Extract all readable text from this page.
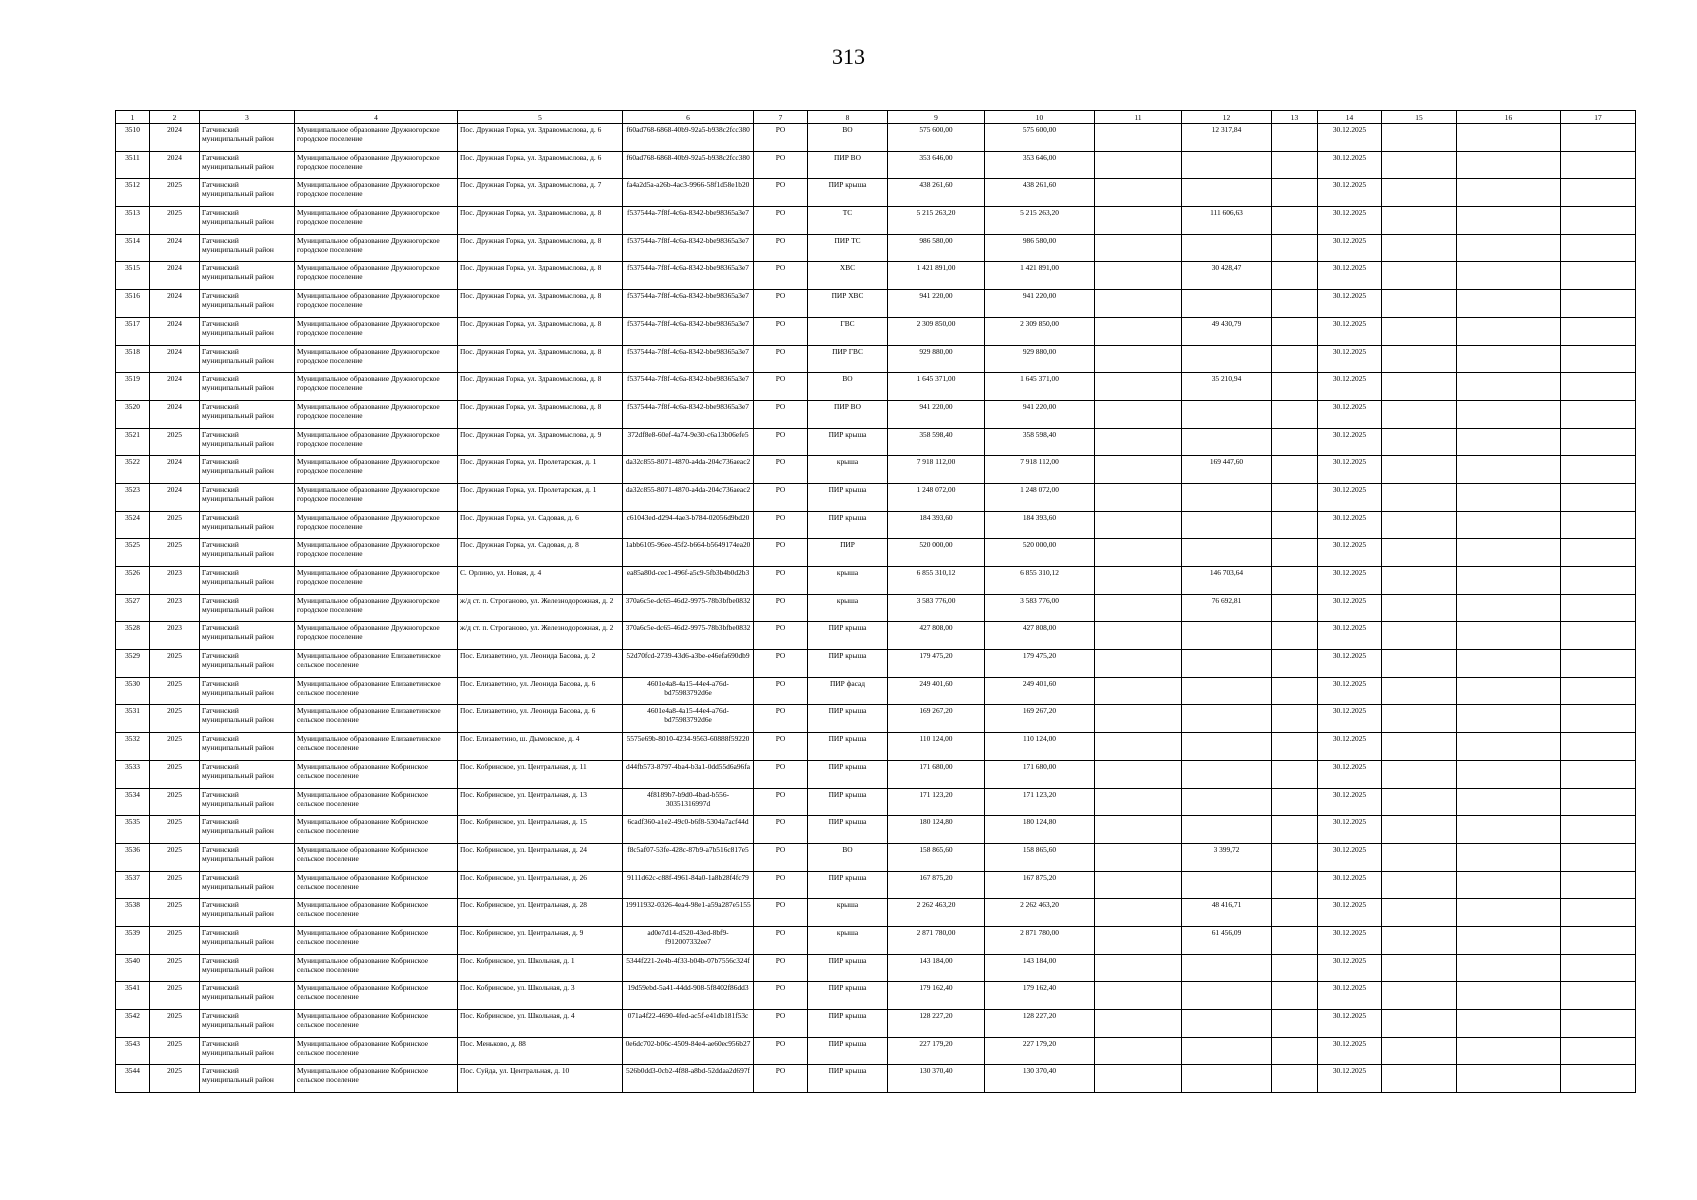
313
1	2	3	4	5	6	7	8	9	10	11	12	13	14	15	16	17
3510	2024	Гатчинский муниципальный район	Муниципальное образование Дружногорское городское поселение	Пос. Дружная Горка, ул. Здравомыслова, д. 6	f60ad768-6868-40b9-92a5-b938c2fcc380	РО	ВО	575 600,00	575 600,00		12 317,84		30.12.2025			
3511	2024	Гатчинский муниципальный район	Муниципальное образование Дружногорское городское поселение	Пос. Дружная Горка, ул. Здравомыслова, д. 6	f60ad768-6868-40b9-92a5-b938c2fcc380	РО	ПИР ВО	353 646,00	353 646,00				30.12.2025			
3512	2025	Гатчинский муниципальный район	Муниципальное образование Дружногорское городское поселение	Пос. Дружная Горка, ул. Здравомыслова, д. 7	fa4a2d5a-a26b-4ac3-9966-58f1d58e1b20	РО	ПИР крыша	438 261,60	438 261,60				30.12.2025			
3513	2025	Гатчинский муниципальный район	Муниципальное образование Дружногорское городское поселение	Пос. Дружная Горка, ул. Здравомыслова, д. 8	f537544a-7f8f-4c6a-8342-bbe98365a3e7	РО	ТС	5 215 263,20	5 215 263,20		111 606,63		30.12.2025			
3514	2024	Гатчинский муниципальный район	Муниципальное образование Дружногорское городское поселение	Пос. Дружная Горка, ул. Здравомыслова, д. 8	f537544a-7f8f-4c6a-8342-bbe98365a3e7	РО	ПИР ТС	986 580,00	986 580,00				30.12.2025			
3515	2024	Гатчинский муниципальный район	Муниципальное образование Дружногорское городское поселение	Пос. Дружная Горка, ул. Здравомыслова, д. 8	f537544a-7f8f-4c6a-8342-bbe98365a3e7	РО	ХВС	1 421 891,00	1 421 891,00		30 428,47		30.12.2025			
3516	2024	Гатчинский муниципальный район	Муниципальное образование Дружногорское городское поселение	Пос. Дружная Горка, ул. Здравомыслова, д. 8	f537544a-7f8f-4c6a-8342-bbe98365a3e7	РО	ПИР ХВС	941 220,00	941 220,00				30.12.2025			
3517	2024	Гатчинский муниципальный район	Муниципальное образование Дружногорское городское поселение	Пос. Дружная Горка, ул. Здравомыслова, д. 8	f537544a-7f8f-4c6a-8342-bbe98365a3e7	РО	ГВС	2 309 850,00	2 309 850,00		49 430,79		30.12.2025			
3518	2024	Гатчинский муниципальный район	Муниципальное образование Дружногорское городское поселение	Пос. Дружная Горка, ул. Здравомыслова, д. 8	f537544a-7f8f-4c6a-8342-bbe98365a3e7	РО	ПИР ГВС	929 880,00	929 880,00				30.12.2025			
3519	2024	Гатчинский муниципальный район	Муниципальное образование Дружногорское городское поселение	Пос. Дружная Горка, ул. Здравомыслова, д. 8	f537544a-7f8f-4c6a-8342-bbe98365a3e7	РО	ВО	1 645 371,00	1 645 371,00		35 210,94		30.12.2025			
3520	2024	Гатчинский муниципальный район	Муниципальное образование Дружногорское городское поселение	Пос. Дружная Горка, ул. Здравомыслова, д. 8	f537544a-7f8f-4c6a-8342-bbe98365a3e7	РО	ПИР ВО	941 220,00	941 220,00				30.12.2025			
3521	2025	Гатчинский муниципальный район	Муниципальное образование Дружногорское городское поселение	Пос. Дружная Горка, ул. Здравомыслова, д. 9	372df8e8-60ef-4a74-9e30-c6a13b06efe5	РО	ПИР крыша	358 598,40	358 598,40				30.12.2025			
3522	2024	Гатчинский муниципальный район	Муниципальное образование Дружногорское городское поселение	Пос. Дружная Горка, ул. Пролетарская, д. 1	da32c855-8071-4870-a4da-204c736aeac2	РО	крыша	7 918 112,00	7 918 112,00		169 447,60		30.12.2025			
3523	2024	Гатчинский муниципальный район	Муниципальное образование Дружногорское городское поселение	Пос. Дружная Горка, ул. Пролетарская, д. 1	da32c855-8071-4870-a4da-204c736aeac2	РО	ПИР крыша	1 248 072,00	1 248 072,00				30.12.2025			
3524	2025	Гатчинский муниципальный район	Муниципальное образование Дружногорское городское поселение	Пос. Дружная Горка, ул. Садовая, д. 6	c61043ed-d294-4ae3-b784-02056d9bd20	РО	ПИР крыша	184 393,60	184 393,60				30.12.2025			
3525	2025	Гатчинский муниципальный район	Муниципальное образование Дружногорское городское поселение	Пос. Дружная Горка, ул. Садовая, д. 8	1abb6105-96ee-45f2-b664-b5649174ea20	РО	ПИР	520 000,00	520 000,00				30.12.2025			
3526	2023	Гатчинский муниципальный район	Муниципальное образование Дружногорское городское поселение	С. Орлино, ул. Новая, д. 4	ea85a80d-cec1-496f-a5c9-5fb3b4b0d2b3	РО	крыша	6 855 310,12	6 855 310,12		146 703,64		30.12.2025			
3527	2023	Гатчинский муниципальный район	Муниципальное образование Дружногорское городское поселение	ж/д ст. п. Строганово, ул. Железнодорожная, д. 2	370a6c5e-dc65-46d2-9975-78b3bfbe0832	РО	крыша	3 583 776,00	3 583 776,00		76 692,81		30.12.2025			
3528	2023	Гатчинский муниципальный район	Муниципальное образование Дружногорское городское поселение	ж/д ст. п. Строганово, ул. Железнодорожная, д. 2	370a6c5e-dc65-46d2-9975-78b3bfbe0832	РО	ПИР крыша	427 808,00	427 808,00				30.12.2025			
3529	2025	Гатчинский муниципальный район	Муниципальное образование Елизаветинское сельское поселение	Пос. Елизаветино, ул. Леонида Басова, д. 2	52d70fcd-2739-43d6-a3be-e46efa690db9	РО	ПИР крыша	179 475,20	179 475,20				30.12.2025			
3530	2025	Гатчинский муниципальный район	Муниципальное образование Елизаветинское сельское поселение	Пос. Елизаветино, ул. Леонида Басова, д. 6	4601e4a8-4a15-44e4-a76d-bd75983792d6e	РО	ПИР фасад	249 401,60	249 401,60				30.12.2025			
3531	2025	Гатчинский муниципальный район	Муниципальное образование Елизаветинское сельское поселение	Пос. Елизаветино, ул. Леонида Басова, д. 6	4601e4a8-4a15-44e4-a76d-bd75983792d6e	РО	ПИР крыша	169 267,20	169 267,20				30.12.2025			
3532	2025	Гатчинский муниципальный район	Муниципальное образование Елизаветинское сельское поселение	Пос. Елизаветино, ш. Дымовское, д. 4	5575e69b-8010-4234-9563-60888f59220	РО	ПИР крыша	110 124,00	110 124,00				30.12.2025			
3533	2025	Гатчинский муниципальный район	Муниципальное образование Кобринское сельское поселение	Пос. Кобринское, ул. Центральная, д. 11	d44fb573-8797-4ba4-b3a1-0dd55d6a96fa	РО	ПИР крыша	171 680,00	171 680,00				30.12.2025			
3534	2025	Гатчинский муниципальный район	Муниципальное образование Кобринское сельское поселение	Пос. Кобринское, ул. Центральная, д. 13	4f8189b7-b9d0-4bad-b556-30351316997d	РО	ПИР крыша	171 123,20	171 123,20				30.12.2025			
3535	2025	Гатчинский муниципальный район	Муниципальное образование Кобринское сельское поселение	Пос. Кобринское, ул. Центральная, д. 15	6cadf360-a1e2-49c0-b6f8-5304a7acf44d	РО	ПИР крыша	180 124,80	180 124,80				30.12.2025			
3536	2025	Гатчинский муниципальный район	Муниципальное образование Кобринское сельское поселение	Пос. Кобринское, ул. Центральная, д. 24	f8c5af07-53fe-428c-87b9-a7b516c817e5	РО	ВО	158 865,60	158 865,60		3 399,72		30.12.2025			
3537	2025	Гатчинский муниципальный район	Муниципальное образование Кобринское сельское поселение	Пос. Кобринское, ул. Центральная, д. 26	9111d62c-c88f-4961-84a0-1a8b28f4fc79	РО	ПИР крыша	167 875,20	167 875,20				30.12.2025			
3538	2025	Гатчинский муниципальный район	Муниципальное образование Кобринское сельское поселение	Пос. Кобринское, ул. Центральная, д. 28	19911932-0326-4ea4-98e1-a59a287e5155	РО	крыша	2 262 463,20	2 262 463,20		48 416,71		30.12.2025			
3539	2025	Гатчинский муниципальный район	Муниципальное образование Кобринское сельское поселение	Пос. Кобринское, ул. Центральная, д. 9	ad0e7d14-d520-43ed-8bf9-f912007332ee7	РО	крыша	2 871 780,00	2 871 780,00		61 456,09		30.12.2025			
3540	2025	Гатчинский муниципальный район	Муниципальное образование Кобринское сельское поселение	Пос. Кобринское, ул. Школьная, д. 1	5344f221-2e4b-4f33-b04b-07b7556c324f	РО	ПИР крыша	143 184,00	143 184,00				30.12.2025			
3541	2025	Гатчинский муниципальный район	Муниципальное образование Кобринское сельское поселение	Пос. Кобринское, ул. Школьная, д. 3	19d59ebd-5a41-44dd-908-5f8402f86dd3	РО	ПИР крыша	179 162,40	179 162,40				30.12.2025			
3542	2025	Гатчинский муниципальный район	Муниципальное образование Кобринское сельское поселение	Пос. Кобринское, ул. Школьная, д. 4	071a4f22-4690-4fed-ac5f-e41db181f53c	РО	ПИР крыша	128 227,20	128 227,20				30.12.2025			
3543	2025	Гатчинский муниципальный район	Муниципальное образование Кобринское сельское поселение	Пос. Меньково, д. 88	0e6dc702-b06c-4509-84e4-ae60ec956b27	РО	ПИР крыша	227 179,20	227 179,20				30.12.2025			
3544	2025	Гатчинский муниципальный район	Муниципальное образование Кобринское сельское поселение	Пос. Суйда, ул. Центральная, д. 10	526b0dd3-0cb2-4f88-a8bd-52ddaa2d697f	РО	ПИР крыша	130 370,40	130 370,40				30.12.2025			
